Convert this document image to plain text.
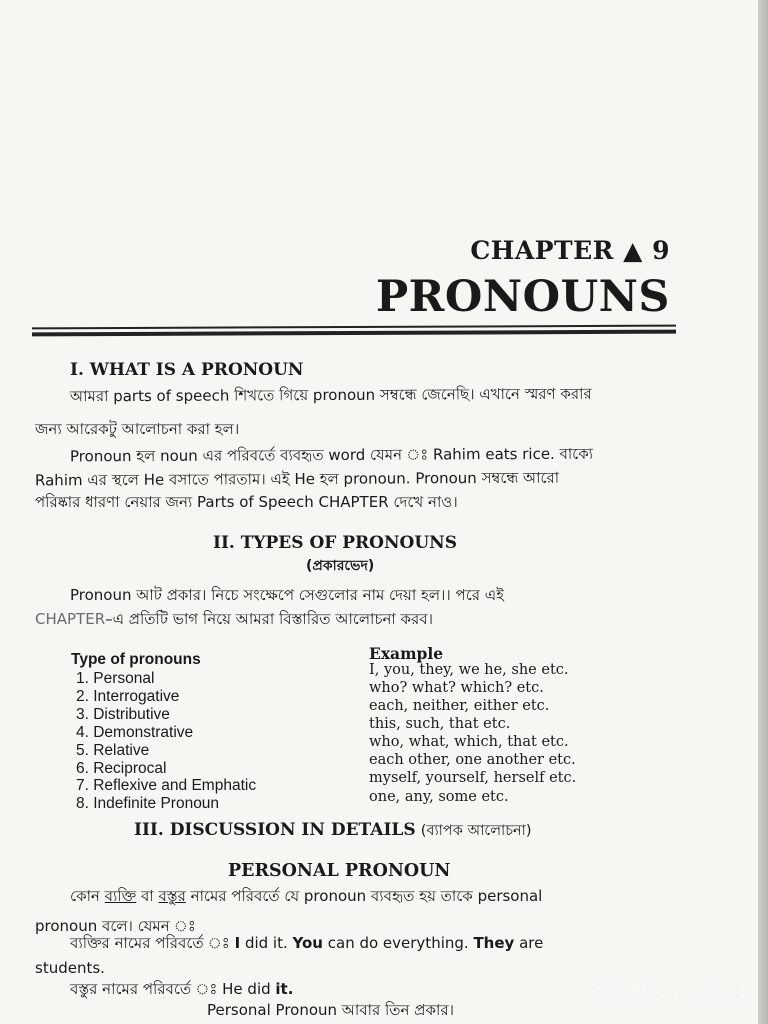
CHAPTER ▲ 9
PRONOUNS
I. WHAT IS A PRONOUN
আমরা parts of speech শিখতে গিয়ে pronoun সম্বন্ধে জেনেছি। এখানে স্মরণ করার
জন্য আরেকটু আলোচনা করা হল।
Pronoun হল noun এর পরিবর্তে ব্যবহৃত word যেমন ঃ Rahim eats rice. বাক্যে
Rahim এর স্থলে He বসাতে পারতাম। এই He হল pronoun. Pronoun সম্বন্ধে আরো
পরিষ্কার ধারণা নেয়ার জন্য Parts of Speech CHAPTER দেখে নাও।
II. TYPES OF PRONOUNS
(প্রকারভেদ)
Pronoun আট প্রকার। নিচে সংক্ষেপে সেগুলোর নাম দেয়া হল।। পরে এই
CHAPTER–এ প্রতিটি ভাগ নিয়ে আমরা বিস্তারিত আলোচনা করব।
Type of pronouns	Example
1. Personal
2. Interrogative
3. Distributive
4. Demonstrative
5. Relative
6. Reciprocal
7. Reflexive and Emphatic
8. Indefinite Pronoun
I, you, they, we he, she etc.
who? what? which? etc.
each, neither, either etc.
this, such, that etc.
who, what, which, that etc.
each other, one another etc.
myself, yourself, herself etc.
one, any, some etc.
III. DISCUSSION IN DETAILS (ব্যাপক আলোচনা)
PERSONAL PRONOUN
কোন ব্যক্তি বা বস্তুর নামের পরিবর্তে যে pronoun ব্যবহৃত হয় তাকে personal
pronoun বলে। যেমন ঃ
ব্যক্তির নামের পরিবর্তে ঃ I did it. You can do everything. They are
students.
বস্তুর নামের পরিবর্তে ঃ He did it.
Personal Pronoun আবার তিন প্রকার।
2020/9/1 08:14
